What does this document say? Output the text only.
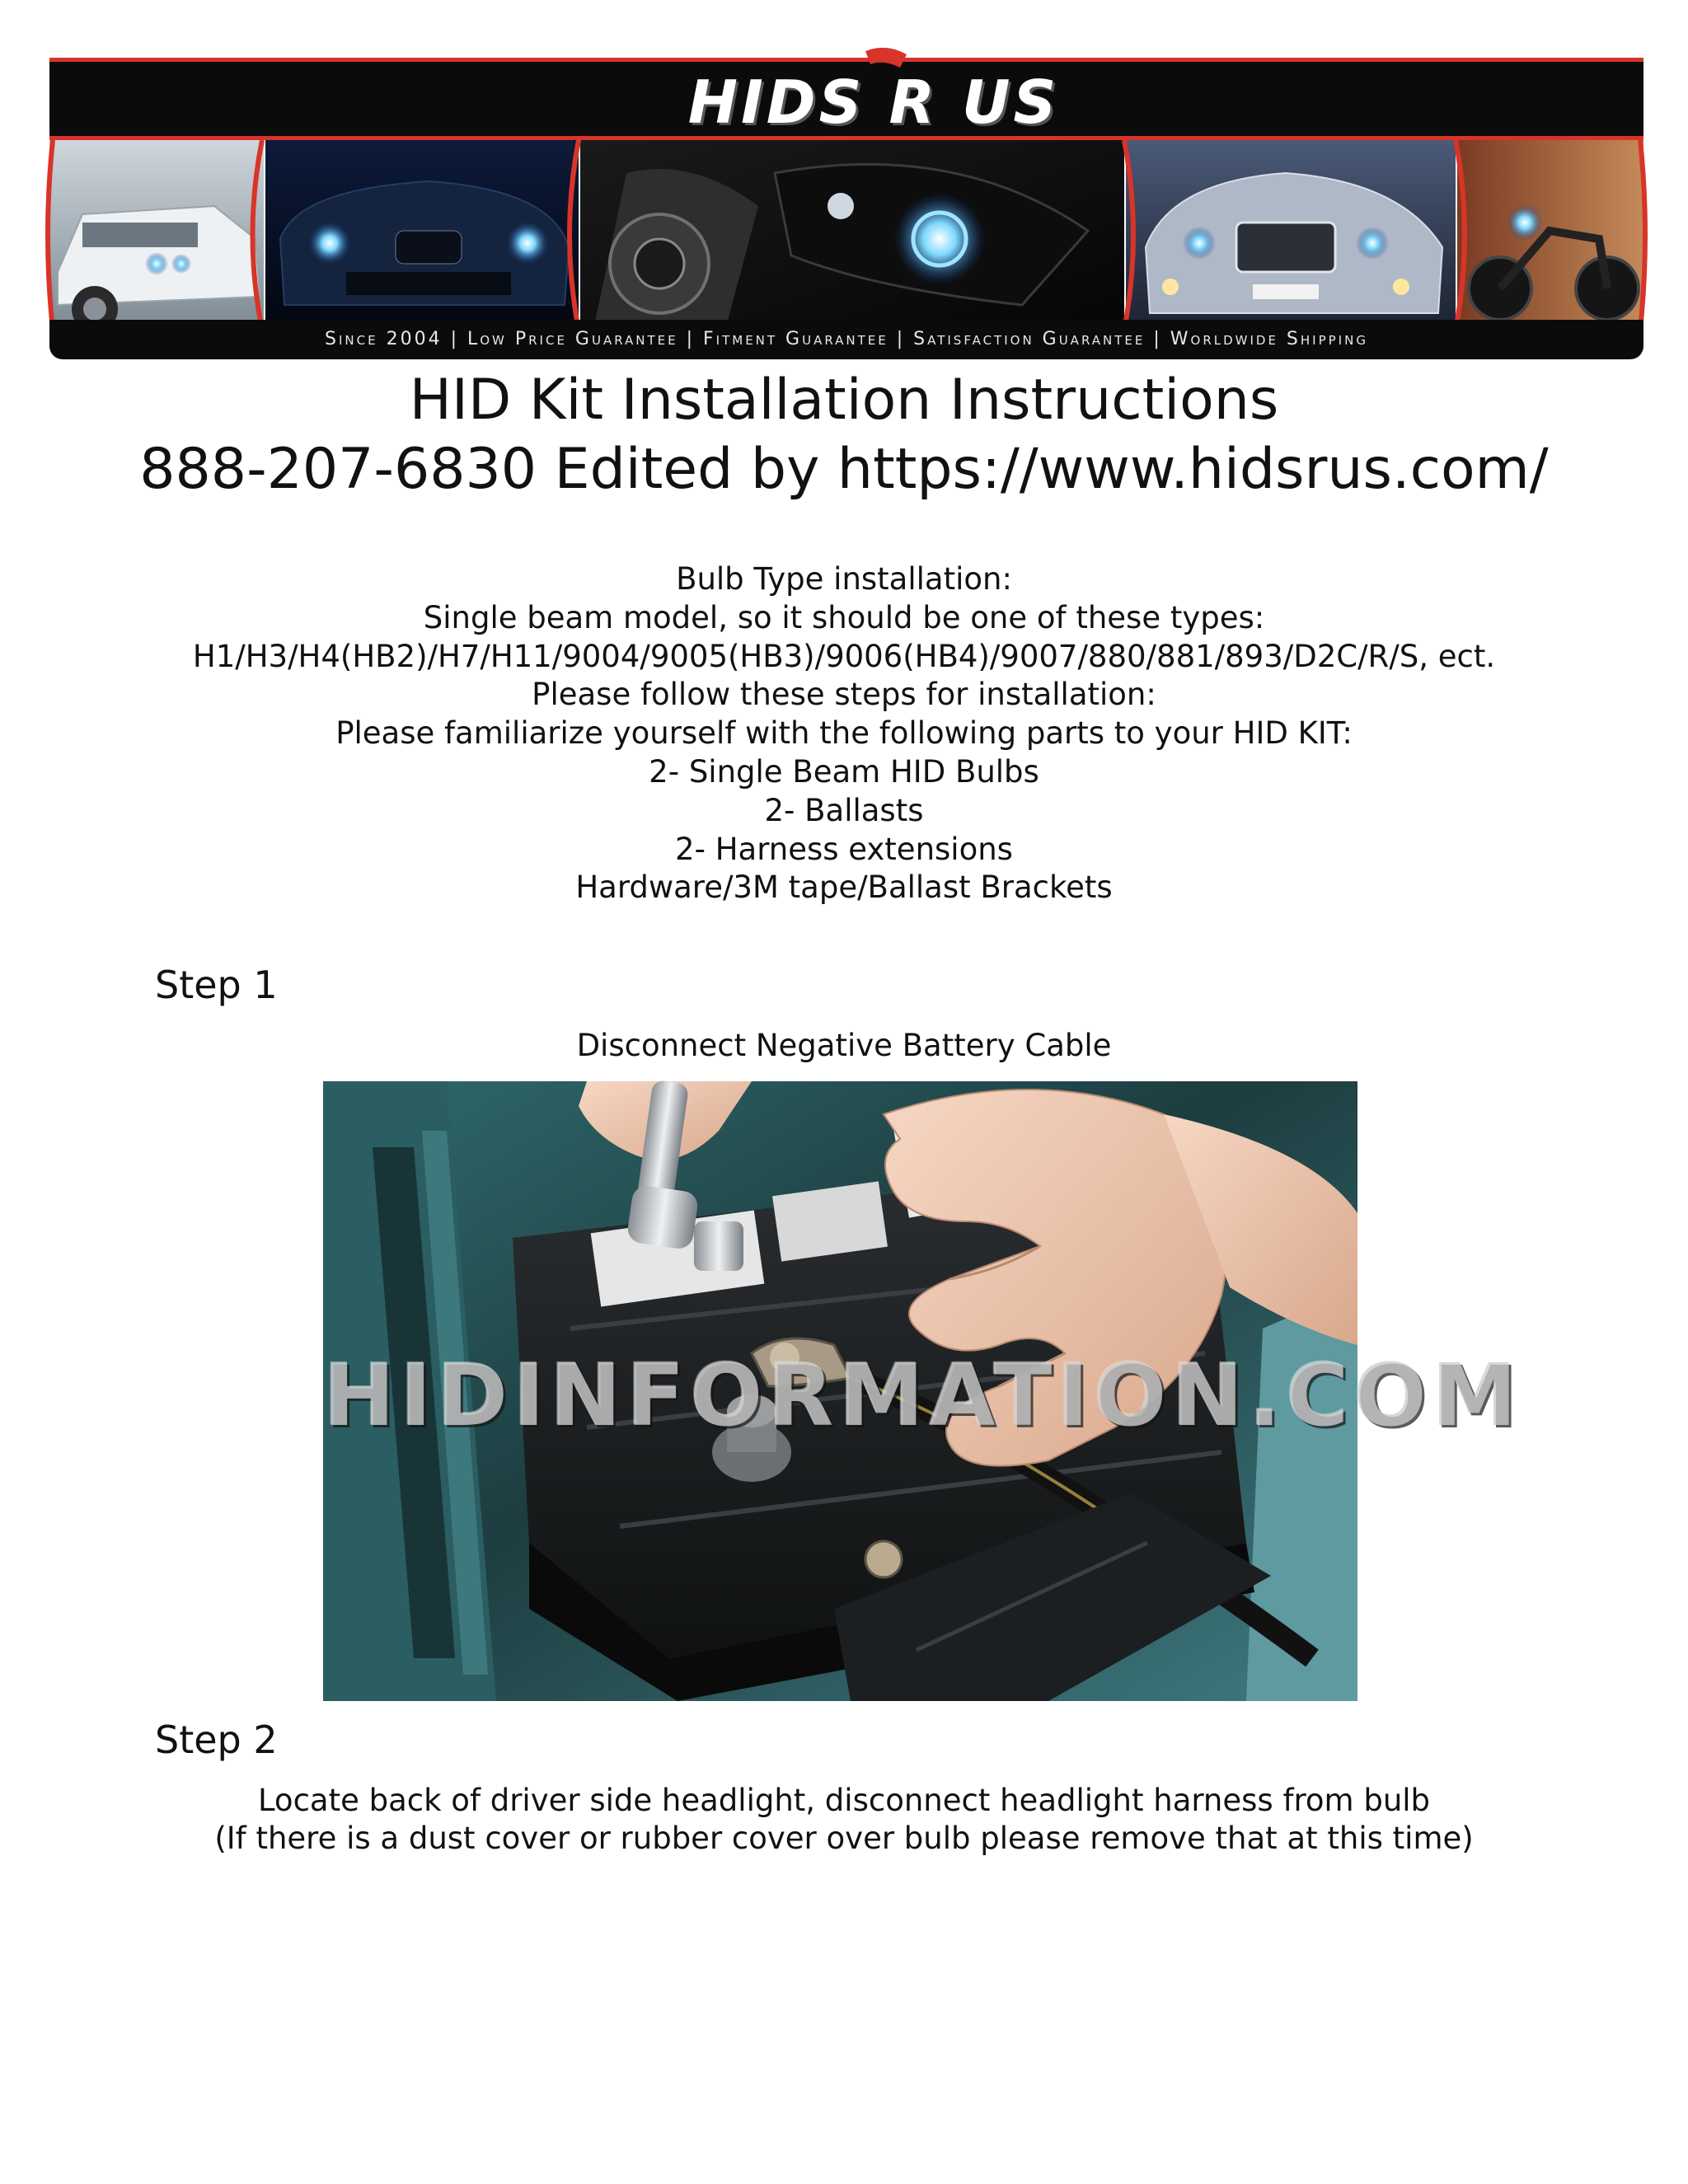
HIDS R US
Since 2004 | Low Price Guarantee | Fitment Guarantee | Satisfaction Guarantee | Worldwide Shipping
HID Kit Installation Instructions
888-207-6830 Edited by https://www.hidsrus.com/
Bulb Type installation:
Single beam model, so it should be one of these types:
H1/H3/H4(HB2)/H7/H11/9004/9005(HB3)/9006(HB4)/9007/880/881/893/D2C/R/S, ect.
Please follow these steps for installation:
Please familiarize yourself with the following parts to your HID KIT:
2- Single Beam HID Bulbs
2- Ballasts
2- Harness extensions
Hardware/3M tape/Ballast Brackets
Step 1
Disconnect Negative Battery Cable
HIDINFORMATION.COM
Step 2
Locate back of driver side headlight, disconnect headlight harness from bulb
(If there is a dust cover or rubber cover over bulb please remove that at this time)
